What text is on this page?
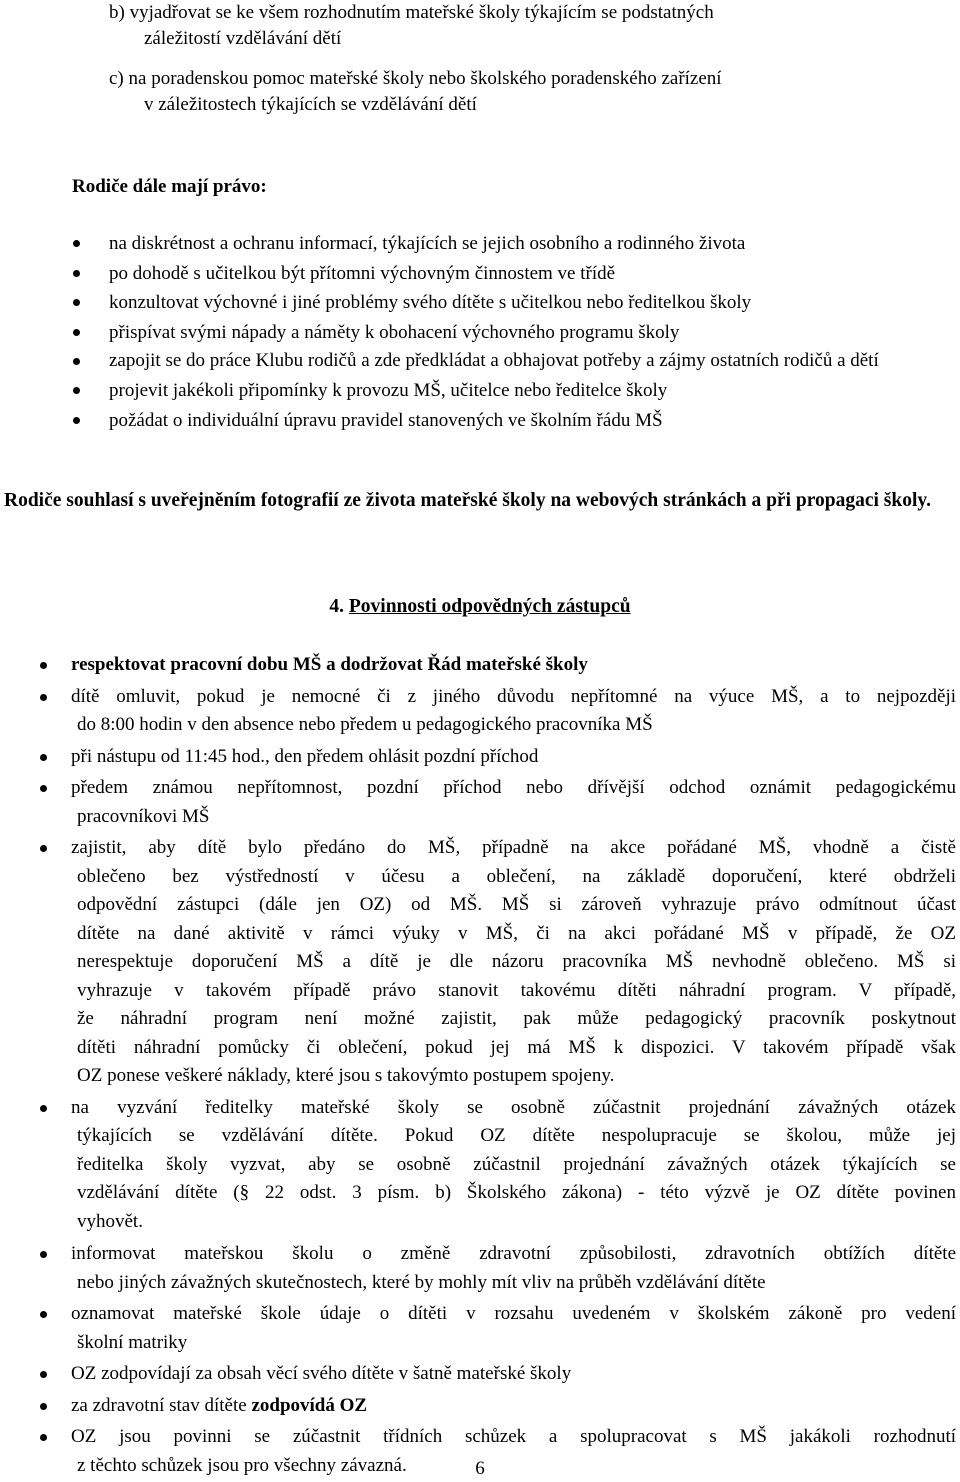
b) vyjadřovat se ke všem rozhodnutím mateřské školy týkajícím se podstatných
záležitostí vzdělávání dětí
c) na poradenskou pomoc mateřské školy nebo školského poradenského zařízení
v záležitostech týkajících se vzdělávání dětí
Rodiče dále mají právo:
na diskrétnost a ochranu informací, týkajících se jejich osobního a rodinného života
po dohodě s učitelkou být přítomni výchovným činnostem ve třídě
konzultovat výchovné i jiné problémy svého dítěte s učitelkou nebo ředitelkou školy
přispívat svými nápady a náměty k obohacení výchovného programu školy
zapojit se do práce Klubu rodičů a zde předkládat a obhajovat potřeby a zájmy ostatních rodičů a dětí
projevit jakékoli připomínky k provozu MŠ, učitelce nebo ředitelce školy
požádat o individuální úpravu pravidel stanovených ve školním řádu MŠ
Rodiče souhlasí s uveřejněním fotografií ze života mateřské školy na webových stránkách a při propagaci školy.
4. Povinnosti odpovědných zástupců
respektovat pracovní dobu MŠ a dodržovat Řád mateřské školy
dítě omluvit, pokud je nemocné či z jiného důvodu nepřítomné na výuce MŠ, a to nejpozději
do 8:00 hodin v den absence nebo předem u pedagogického pracovníka MŠ
při nástupu od 11:45 hod., den předem ohlásit pozdní příchod
předem známou nepřítomnost, pozdní příchod nebo dřívější odchod oznámit pedagogickému
pracovníkovi MŠ
zajistit, aby dítě bylo předáno do MŠ, případně na akce pořádané MŠ, vhodně a čistě
oblečeno bez výstředností v účesu a oblečení, na základě doporučení, které obdrželi
odpovědní zástupci (dále jen OZ) od MŠ. MŠ si zároveň vyhrazuje právo odmítnout účast
dítěte na dané aktivitě v rámci výuky v MŠ, či na akci pořádané MŠ v případě, že OZ
nerespektuje doporučení MŠ a dítě je dle názoru pracovníka MŠ nevhodně oblečeno. MŠ si
vyhrazuje v takovém případě právo stanovit takovému dítěti náhradní program. V případě,
že náhradní program není možné zajistit, pak může pedagogický pracovník poskytnout
dítěti náhradní pomůcky či oblečení, pokud jej má MŠ k dispozici. V takovém případě však
OZ ponese veškeré náklady, které jsou s takovýmto postupem spojeny.
na vyzvání ředitelky mateřské školy se osobně zúčastnit projednání závažných otázek
týkajících se vzdělávání dítěte. Pokud OZ dítěte nespolupracuje se školou, může jej
ředitelka školy vyzvat, aby se osobně zúčastnil projednání závažných otázek týkajících se
vzdělávání dítěte (§ 22 odst. 3 písm. b) Školského zákona) - této výzvě je OZ dítěte povinen
vyhovět.
informovat mateřskou školu o změně zdravotní způsobilosti, zdravotních obtížích dítěte
nebo jiných závažných skutečnostech, které by mohly mít vliv na průběh vzdělávání dítěte
oznamovat mateřské škole údaje o dítěti v rozsahu uvedeném v školském zákoně pro vedení
školní matriky
OZ zodpovídají za obsah věcí svého dítěte v šatně mateřské školy
za zdravotní stav dítěte zodpovídá OZ
OZ jsou povinni se zúčastnit třídních schůzek a spolupracovat s MŠ jakákoli rozhodnutí
z těchto schůzek jsou pro všechny závazná.	6
